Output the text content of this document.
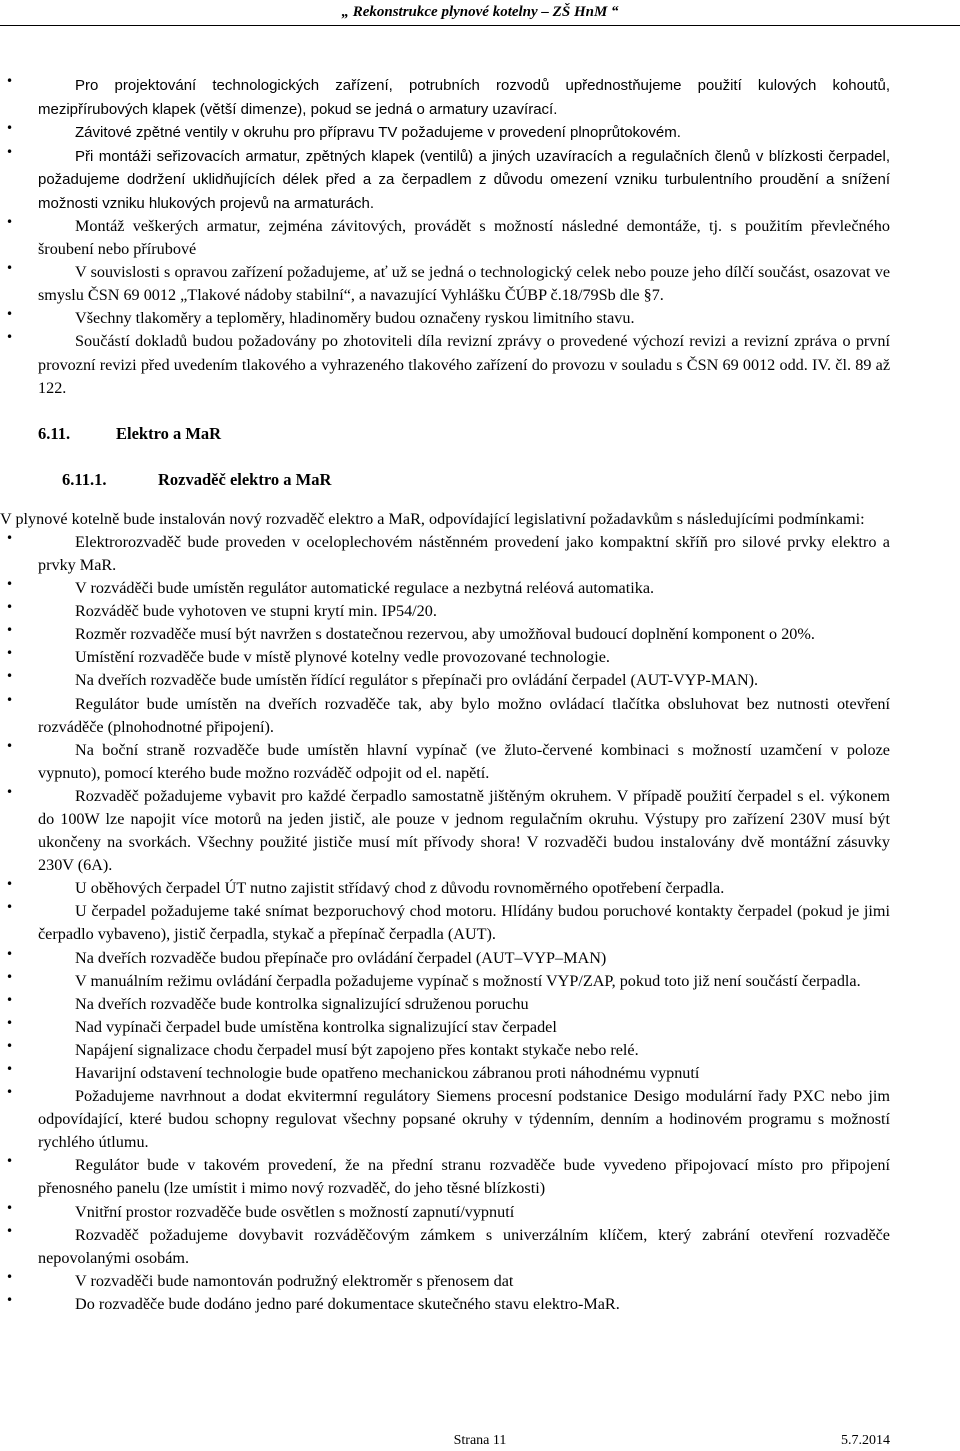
„ Rekonstrukce plynové kotelny – ZŠ HnM “
•	Pro projektování technologických zařízení, potrubních rozvodů upřednostňujeme použití kulových kohoutů, mezipřírubových klapek (větší dimenze), pokud se jedná o armatury uzavírací.
•	Závitové zpětné ventily v okruhu pro přípravu TV požadujeme v provedení plnoprůtokovém.
•	Při montáži seřizovacích armatur, zpětných klapek (ventilů) a jiných uzavíracích a regulačních členů v blízkosti čerpadel, požadujeme dodržení uklidňujících délek před a za čerpadlem z důvodu omezení vzniku turbulentního proudění a snížení možnosti vzniku hlukových projevů na armaturách.
•	Montáž veškerých armatur, zejména závitových, provádět s možností následné demontáže, tj. s použitím převlečného šroubení nebo přírubové
•	V souvislosti s opravou zařízení požadujeme, ať už se jedná o technologický celek nebo pouze jeho dílčí součást, osazovat ve smyslu ČSN 69 0012 „Tlakové nádoby stabilní“, a navazující Vyhlášku ČÚBP č.18/79Sb dle §7.
•	Všechny tlakoměry a teploměry, hladinoměry budou označeny ryskou limitního stavu.
•	Součástí dokladů budou požadovány po zhotoviteli díla revizní zprávy o provedené výchozí revizi a revizní zpráva o první provozní revizi před uvedením tlakového a vyhrazeného tlakového zařízení do provozu v souladu s ČSN 69 0012 odd. IV. čl. 89 až 122.
6.11.	Elektro a MaR
6.11.1.	Rozvaděč elektro a MaR

V plynové kotelně bude instalován nový rozvaděč elektro a MaR, odpovídající legislativní požadavkům s následujícími podmínkami:

•	Elektrorozvaděč bude proveden v oceloplechovém nástěnném provedení jako kompaktní skříň pro silové prvky elektro a prvky MaR.
•	V rozváděči bude umístěn regulátor automatické regulace a nezbytná reléová automatika.
•	Rozváděč bude vyhotoven ve stupni krytí min. IP54/20.
•	Rozměr rozvaděče musí být navržen s dostatečnou rezervou, aby umožňoval budoucí doplnění komponent o 20%.
•	Umístění rozvaděče bude v místě plynové kotelny vedle provozované technologie.
•	Na dveřích rozvaděče bude umístěn řídící regulátor s přepínači pro ovládání čerpadel (AUT-VYP-MAN).
•	Regulátor bude umístěn na dveřích rozvaděče tak, aby bylo možno ovládací tlačítka obsluhovat bez nutnosti otevření rozváděče (plnohodnotné připojení).
•	Na boční straně rozvaděče bude umístěn hlavní vypínač (ve žluto-červené kombinaci s možností uzamčení v poloze vypnuto), pomocí kterého bude možno rozváděč odpojit od el. napětí.
•	Rozvaděč požadujeme vybavit pro každé čerpadlo samostatně jištěným okruhem. V případě použití čerpadel s el. výkonem do 100W lze napojit více motorů na jeden jistič, ale pouze v jednom regulačním okruhu. Výstupy pro zařízení 230V musí být ukončeny na svorkách. Všechny použité jističe musí mít přívody shora! V rozvaděči budou instalovány dvě montážní zásuvky 230V (6A).
•	U oběhových čerpadel ÚT nutno zajistit střídavý chod z důvodu rovnoměrného opotřebení čerpadla.
•	U čerpadel požadujeme také snímat bezporuchový chod motoru. Hlídány budou poruchové kontakty čerpadel (pokud je jimi čerpadlo vybaveno), jistič čerpadla, stykač a přepínač čerpadla (AUT).
•	Na dveřích rozvaděče budou přepínače pro ovládání čerpadel (AUT–VYP–MAN)
•	V manuálním režimu ovládání čerpadla požadujeme vypínač s možností VYP/ZAP, pokud toto již není součástí čerpadla.
•	Na dveřích rozvaděče bude kontrolka signalizující sdruženou poruchu
•	Nad vypínači čerpadel bude umístěna kontrolka signalizující stav čerpadel
•	Napájení signalizace chodu čerpadel musí být zapojeno přes kontakt stykače nebo relé.
•	Havarijní odstavení technologie bude opatřeno mechanickou zábranou proti náhodnému vypnutí
•	Požadujeme navrhnout a dodat ekvitermní regulátory Siemens procesní podstanice Desigo modulární řady PXC nebo jim odpovídající, které budou schopny regulovat všechny popsané okruhy v týdenním, denním a hodinovém programu s možností rychlého útlumu.
•	Regulátor bude v takovém provedení, že na přední stranu rozvaděče bude vyvedeno připojovací místo pro připojení přenosného panelu (lze umístit i mimo nový rozvaděč, do jeho těsné blízkosti)
•	Vnitřní prostor rozvaděče bude osvětlen s možností zapnutí/vypnutí
•	Rozvaděč požadujeme dovybavit rozváděčovým zámkem s univerzálním klíčem, který zabrání otevření rozvaděče nepovolanými osobám.
•	V rozvaděči bude namontován podružný elektroměr s přenosem dat
•	Do rozvaděče bude dodáno jedno paré dokumentace skutečného stavu elektro-MaR.
Strana 11	5.7.2014
